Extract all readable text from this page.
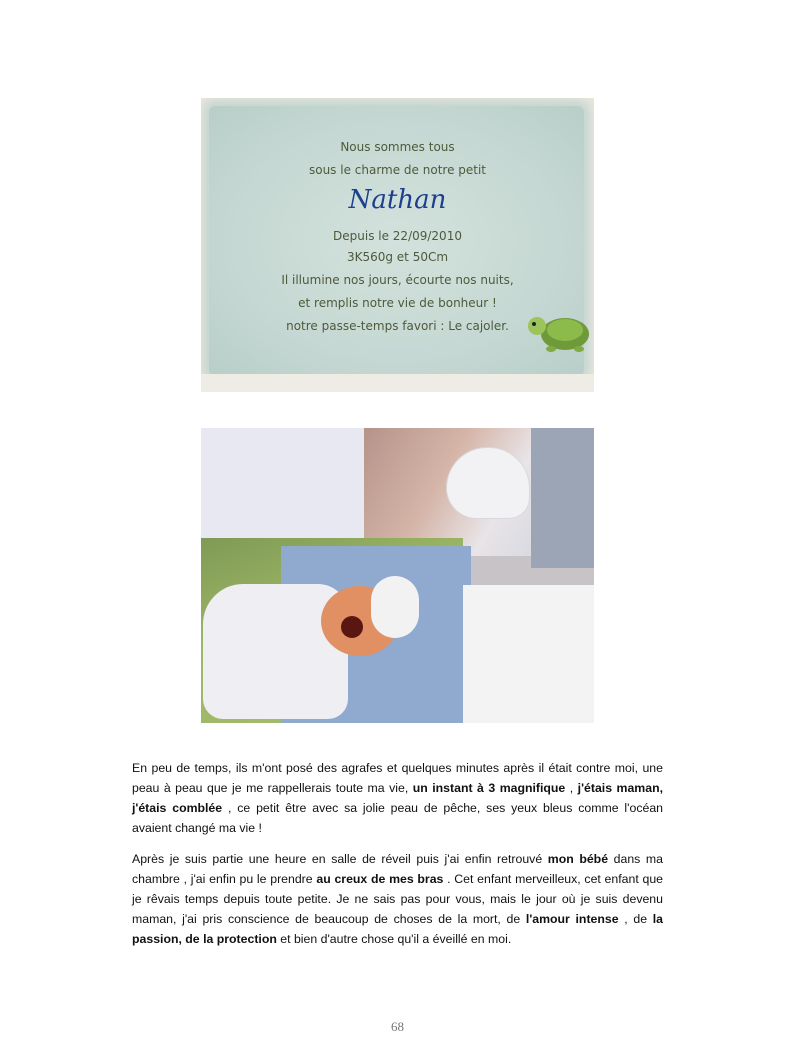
Nous sommes tous
sous le charme de notre petit
Nathan
Depuis le 22/09/2010
3K560g et 50Cm
Il illumine nos jours, écourte nos nuits,
et remplis notre vie de bonheur !
notre passe-temps favori : Le cajoler.

En peu de temps, ils m'ont posé des agrafes et quelques minutes après il était contre moi, une peau à peau que je me rappellerais toute ma vie, un instant à 3 magnifique , j'étais maman, j'étais comblée , ce petit être avec sa jolie peau de pêche, ses yeux bleus comme l'océan avaient changé ma vie !

Après je suis partie une heure en salle de réveil puis j'ai enfin retrouvé mon bébé dans ma chambre , j'ai enfin pu le prendre au creux de mes bras . Cet enfant merveilleux, cet enfant que je rêvais temps depuis toute petite. Je ne sais pas pour vous, mais le jour où je suis devenu maman, j'ai pris conscience de beaucoup de choses de la mort, de l'amour intense , de la passion, de la protection et bien d'autre chose qu'il a éveillé en moi.

68
